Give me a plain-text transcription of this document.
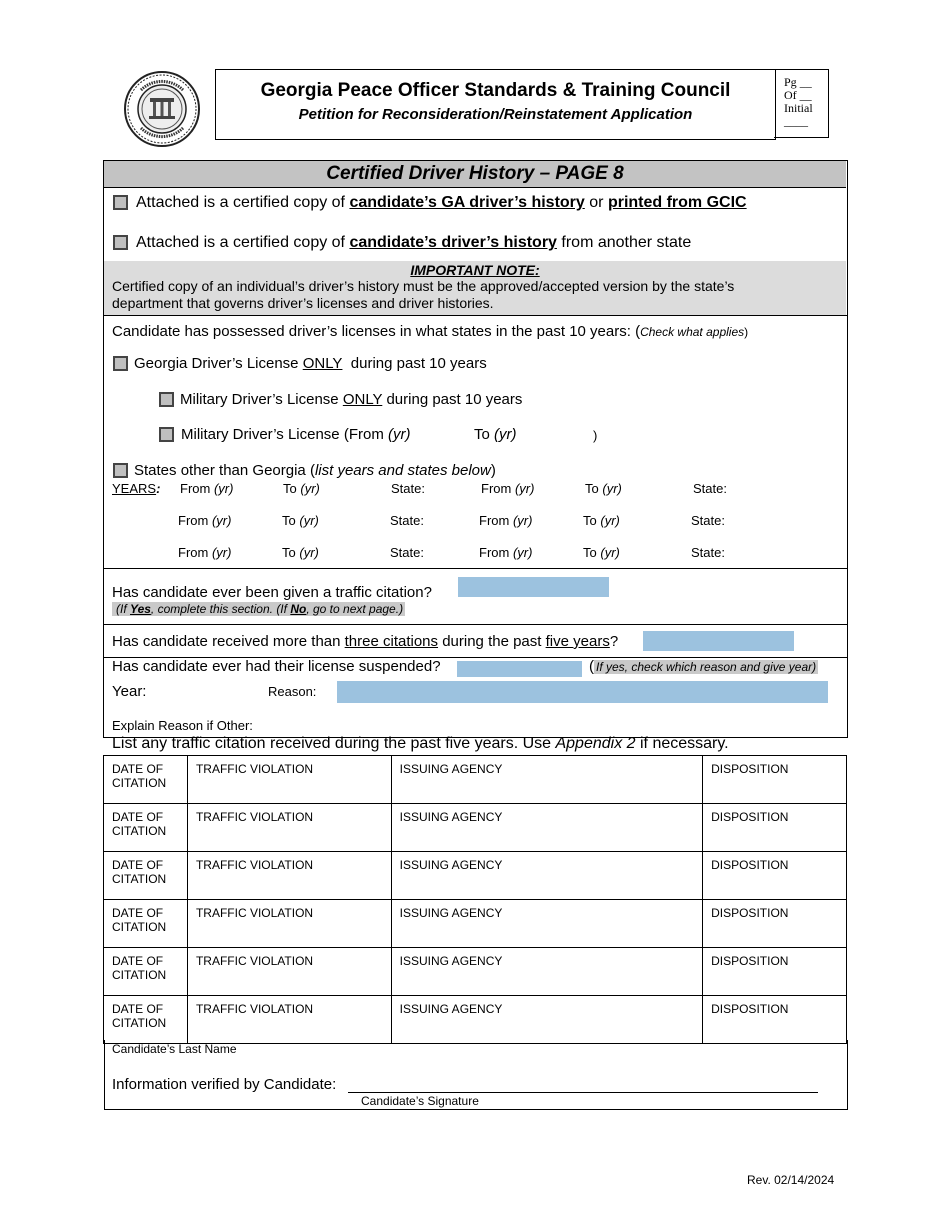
Georgia Peace Officer Standards & Training Council
Petition for Reconsideration/Reinstatement Application
Pg __
Of __
Initial
____
Certified Driver History – PAGE 8
Attached is a certified copy of candidate’s GA driver’s history or printed from GCIC
Attached is a certified copy of candidate’s driver’s history from another state
IMPORTANT NOTE:
Certified copy of an individual’s driver’s history must be the approved/accepted version by the state’s
department that governs driver’s licenses and driver histories.
Candidate has possessed driver’s licenses in what states in the past 10 years: (Check what applies)
Georgia Driver’s License ONLY during past 10 years
Military Driver’s License ONLY during past 10 years
Military Driver’s License (From (yr)	To (yr)	)
States other than Georgia (list years and states below)
YEARS: From (yr)	To (yr)	State:	From (yr)	To (yr)	State:
From (yr)	To (yr)	State:	From (yr)	To (yr)	State:
From (yr)	To (yr)	State:	From (yr)	To (yr)	State:
Has candidate ever been given a traffic citation?
(If Yes, complete this section. (If No, go to next page.)
Has candidate received more than three citations during the past five years?
Has candidate ever had their license suspended?	( If yes, check which reason and give year)
Year:	Reason:
Explain Reason if Other:
List any traffic citation received during the past five years. Use Appendix 2 if necessary.
DATE OF
CITATION	TRAFFIC VIOLATION	ISSUING AGENCY	DISPOSITION

DATE OF
CITATION	TRAFFIC VIOLATION	ISSUING AGENCY	DISPOSITION

DATE OF
CITATION	TRAFFIC VIOLATION	ISSUING AGENCY	DISPOSITION

DATE OF
CITATION	TRAFFIC VIOLATION	ISSUING AGENCY	DISPOSITION

DATE OF
CITATION	TRAFFIC VIOLATION	ISSUING AGENCY	DISPOSITION

DATE OF
CITATION	TRAFFIC VIOLATION	ISSUING AGENCY	DISPOSITION
Candidate’s Last Name
Information verified by Candidate:
Candidate’s Signature
Rev. 02/14/2024
